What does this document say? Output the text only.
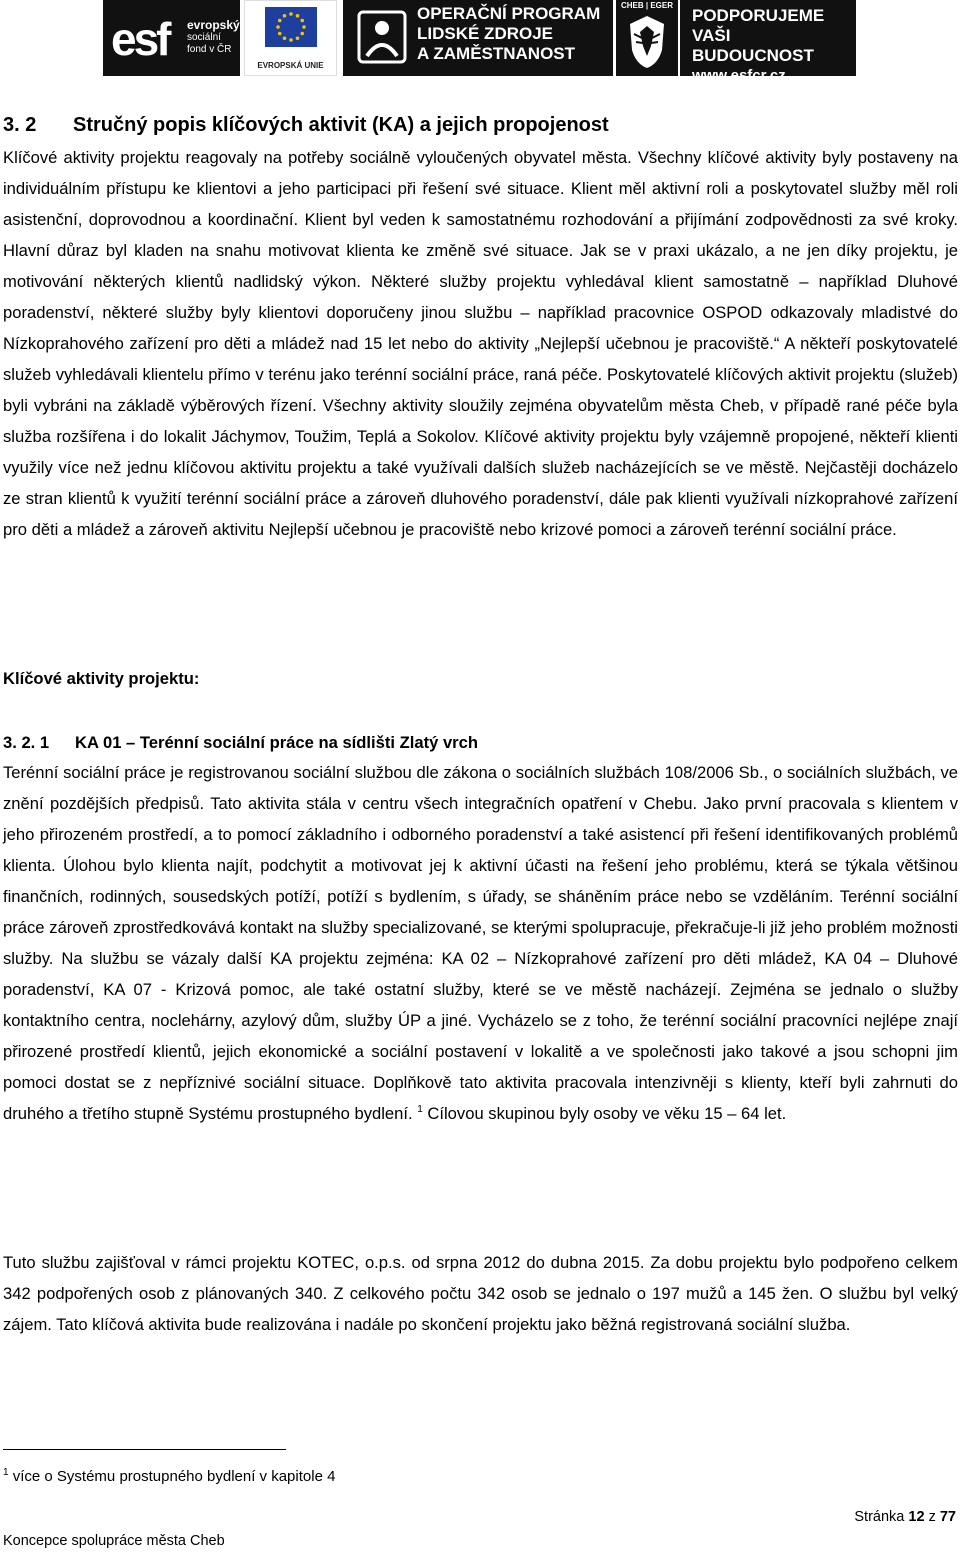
esf evropský
sociální
fond v ČR
EVROPSKÁ UNIE
OPERAČNÍ PROGRAM
LIDSKÉ ZDROJE
A ZAMĚSTNANOST
CHEB | EGER
PODPORUJEME
VAŠI BUDOUCNOST
www.esfcr.cz
3. 2 Stručný popis klíčových aktivit (KA) a jejich propojenost

Klíčové aktivity projektu reagovaly na potřeby sociálně vyloučených obyvatel města. Všechny klíčové aktivity byly postaveny na individuálním přístupu ke klientovi a jeho participaci při řešení své situace. Klient měl aktivní roli a poskytovatel služby měl roli asistenční, doprovodnou a koordinační. Klient byl veden k samostatnému rozhodování a přijímání zodpovědnosti za své kroky. Hlavní důraz byl kladen na snahu motivovat klienta ke změně své situace. Jak se v praxi ukázalo, a ne jen díky projektu, je motivování některých klientů nadlidský výkon. Některé služby projektu vyhledával klient samostatně – například Dluhové poradenství, některé služby byly klientovi doporučeny jinou službu – například pracovnice OSPOD odkazovaly mladistvé do Nízkoprahového zařízení pro děti a mládež nad 15 let nebo do aktivity „Nejlepší učebnou je pracoviště.“ A někteří poskytovatelé služeb vyhledávali klientelu přímo v terénu jako terénní sociální práce, raná péče. Poskytovatelé klíčových aktivit projektu (služeb) byli vybráni na základě výběrových řízení. Všechny aktivity sloužily zejména obyvatelům města Cheb, v případě rané péče byla služba rozšířena i do lokalit Jáchymov, Toužim, Teplá a Sokolov. Klíčové aktivity projektu byly vzájemně propojené, někteří klienti využily více než jednu klíčovou aktivitu projektu a také využívali dalších služeb nacházejících se ve městě. Nejčastěji docházelo ze stran klientů k využití terénní sociální práce a zároveň dluhového poradenství, dále pak klienti využívali nízkoprahové zařízení pro děti a mládež a zároveň aktivitu Nejlepší učebnou je pracoviště nebo krizové pomoci a zároveň terénní sociální práce.

Klíčové aktivity projektu:
3. 2. 1 KA 01 – Terénní sociální práce na sídlišti Zlatý vrch

Terénní sociální práce je registrovanou sociální službou dle zákona o sociálních službách 108/2006 Sb., o sociálních službách, ve znění pozdějších předpisů. Tato aktivita stála v centru všech integračních opatření v Chebu. Jako první pracovala s klientem v jeho přirozeném prostředí, a to pomocí základního i odborného poradenství a také asistencí při řešení identifikovaných problémů klienta. Úlohou bylo klienta najít, podchytit a motivovat jej k aktivní účasti na řešení jeho problému, která se týkala většinou finančních, rodinných, sousedských potíží, potíží s bydlením, s úřady, se sháněním práce nebo se vzděláním. Terénní sociální práce zároveň zprostředkovává kontakt na služby specializované, se kterými spolupracuje, překračuje-li již jeho problém možnosti služby. Na službu se vázaly další KA projektu zejména: KA 02 – Nízkoprahové zařízení pro děti mládež, KA 04 – Dluhové poradenství, KA 07 - Krizová pomoc, ale také ostatní služby, které se ve městě nacházejí. Zejména se jednalo o služby kontaktního centra, noclehárny, azylový dům, služby ÚP a jiné. Vycházelo se z toho, že terénní sociální pracovníci nejlépe znají přirozené prostředí klientů, jejich ekonomické a sociální postavení v lokalitě a ve společnosti jako takové a jsou schopni jim pomoci dostat se z nepříznivé sociální situace. Doplňkově tato aktivita pracovala intenzivněji s klienty, kteří byli zahrnuti do druhého a třetího stupně Systému prostupného bydlení. $^1$ Cílovou skupinou byly osoby ve věku 15 – 64 let.

Tuto službu zajišťoval v rámci projektu KOTEC, o.p.s. od srpna 2012 do dubna 2015. Za dobu projektu bylo podpořeno celkem 342 podpořených osob z plánovaných 340. Z celkového počtu 342 osob se jednalo o 197 mužů a 145 žen. O službu byl velký zájem. Tato klíčová aktivita bude realizována i nadále po skončení projektu jako běžná registrovaná sociální služba.

$^1$ více o Systému prostupného bydlení v kapitole 4
Stránka 12 z 77
Koncepce spolupráce města Cheb
